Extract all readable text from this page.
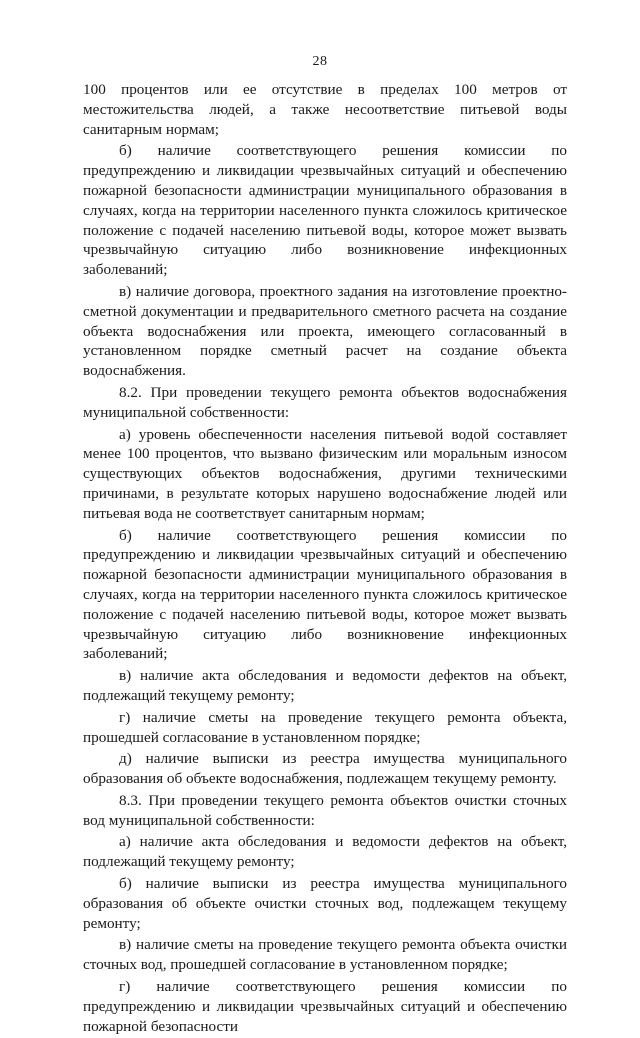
28

100 процентов или ее отсутствие в пределах 100 метров от местожительства людей, а также несоответствие питьевой воды санитарным нормам;

б) наличие соответствующего решения комиссии по предупреждению и ликвидации чрезвычайных ситуаций и обеспечению пожарной безопасности администрации муниципального образования в случаях, когда на территории населенного пункта сложилось критическое положение с подачей населению питьевой воды, которое может вызвать чрезвычайную ситуацию либо возникновение инфекционных заболеваний;

в) наличие договора, проектного задания на изготовление проектно-сметной документации и предварительного сметного расчета на создание объекта водоснабжения или проекта, имеющего согласованный в установленном порядке сметный расчет на создание объекта водоснабжения.

8.2. При проведении текущего ремонта объектов водоснабжения муниципальной собственности:

а) уровень обеспеченности населения питьевой водой составляет менее 100 процентов, что вызвано физическим или моральным износом существующих объектов водоснабжения, другими техническими причинами, в результате которых нарушено водоснабжение людей или питьевая вода не соответствует санитарным нормам;

б) наличие соответствующего решения комиссии по предупреждению и ликвидации чрезвычайных ситуаций и обеспечению пожарной безопасности администрации муниципального образования в случаях, когда на территории населенного пункта сложилось критическое положение с подачей населению питьевой воды, которое может вызвать чрезвычайную ситуацию либо возникновение инфекционных заболеваний;

в) наличие акта обследования и ведомости дефектов на объект, подлежащий текущему ремонту;

г) наличие сметы на проведение текущего ремонта объекта, прошедшей согласование в установленном порядке;

д) наличие выписки из реестра имущества муниципального образования об объекте водоснабжения, подлежащем текущему ремонту.

8.3. При проведении текущего ремонта объектов очистки сточных вод муниципальной собственности:

а) наличие акта обследования и ведомости дефектов на объект, подлежащий текущему ремонту;

б) наличие выписки из реестра имущества муниципального образования об объекте очистки сточных вод, подлежащем текущему ремонту;

в) наличие сметы на проведение текущего ремонта объекта очистки сточных вод, прошедшей согласование в установленном порядке;

г) наличие соответствующего решения комиссии по предупреждению и ликвидации чрезвычайных ситуаций и обеспечению пожарной безопасности
